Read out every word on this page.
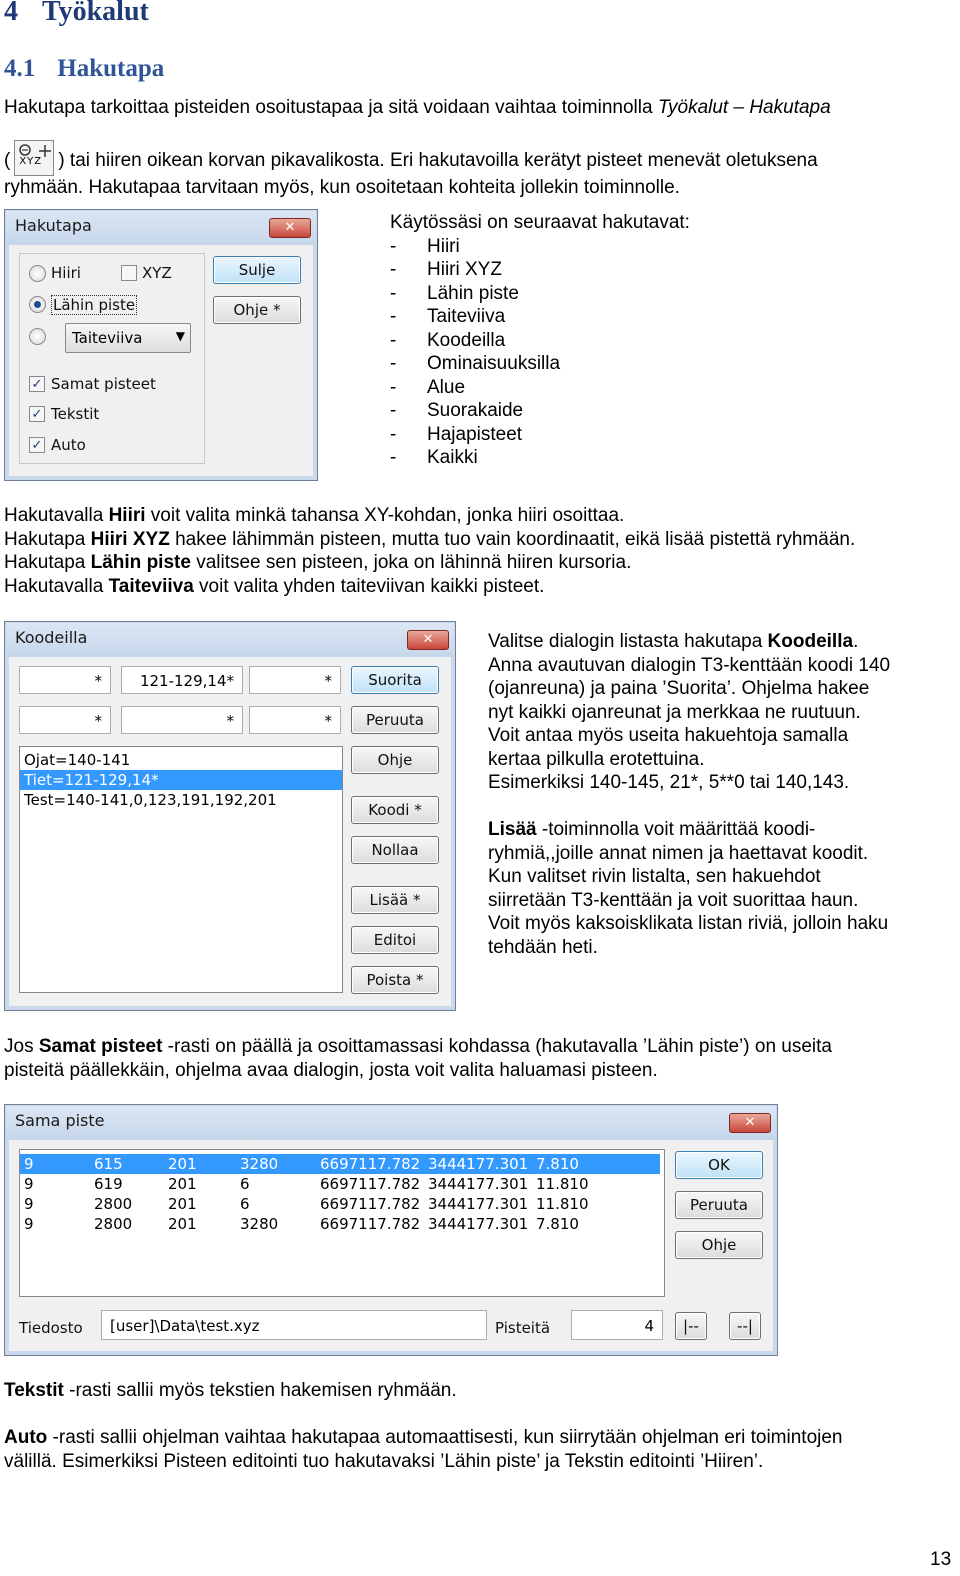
4 Työkalut
4.1 Hakutapa
Hakutapa tarkoittaa pisteiden osoitustapaa ja sitä voidaan vaihtaa toiminnolla Työkalut – Hakutapa
( XYZ ) tai hiiren oikean korvan pikavalikosta. Eri hakutavoilla kerätyt pisteet menevät oletuksena
ryhmään. Hakutapaa tarvitaan myös, kun osoitetaan kohteita jollekin toiminnolle.
Hakutapa	✕
Hiiri	XYZ
Lähin piste
Taiteviiva	▼
✓ Samat pisteet
✓ Tekstit
✓ Auto
Sulje
Ohje *
Käytössäsi on seuraavat hakutavat:
- Hiiri
- Hiiri XYZ
- Lähin piste
- Taiteviiva
- Koodeilla
- Ominaisuuksilla
- Alue
- Suorakaide
- Hajapisteet
- Kaikki
Hakutavalla Hiiri voit valita minkä tahansa XY-kohdan, jonka hiiri osoittaa.
Hakutapa Hiiri XYZ hakee lähimmän pisteen, mutta tuo vain koordinaatit, eikä lisää pistettä ryhmään.
Hakutapa Lähin piste valitsee sen pisteen, joka on lähinnä hiiren kursoria.
Hakutavalla Taiteviiva voit valita yhden taiteviivan kaikki pisteet.
Koodeilla	✕
*	121-129,14*	*
*	*	*
Ojat=140-141
Tiet=121-129,14*
Test=140-141,0,123,191,192,201
Suorita
Peruuta
Ohje
Koodi *
Nollaa
Lisää *
Editoi
Poista *
Valitse dialogin listasta hakutapa Koodeilla.
Anna avautuvan dialogin T3-kenttään koodi 140
(ojanreuna) ja paina ’Suorita’. Ohjelma hakee
nyt kaikki ojanreunat ja merkkaa ne ruutuun.
Voit antaa myös useita hakuehtoja samalla
kertaa pilkulla erotettuina.
Esimerkiksi 140-145, 21*, 5**0 tai 140,143.
Lisää -toiminnolla voit määrittää koodi-
ryhmiä,,joille annat nimen ja haettavat koodit.
Kun valitset rivin listalta, sen hakuehdot
siirretään T3-kenttään ja voit suorittaa haun.
Voit myös kaksoisklikata listan riviä, jolloin haku
tehdään heti.
Jos Samat pisteet -rasti on päällä ja osoittamassasi kohdassa (hakutavalla ’Lähin piste’) on useita
pisteitä päällekkäin, ohjelma avaa dialogin, josta voit valita haluamasi pisteen.
Sama piste	✕
9	615	201	3280	6697117.782 3444177.301 7.810
9	619	201	6	6697117.782 3444177.301 11.810
9	2800 201	6	6697117.782 3444177.301 11.810
9	2800 201	3280	6697117.782 3444177.301 7.810
OK
Peruuta
Ohje
Tiedosto	[user]\Data\test.xyz	Pisteitä	4	|--	--|
Tekstit -rasti sallii myös tekstien hakemisen ryhmään.
Auto -rasti sallii ohjelman vaihtaa hakutapaa automaattisesti, kun siirrytään ohjelman eri toimintojen
välillä. Esimerkiksi Pisteen editointi tuo hakutavaksi ’Lähin piste’ ja Tekstin editointi ’Hiiren’.
13
